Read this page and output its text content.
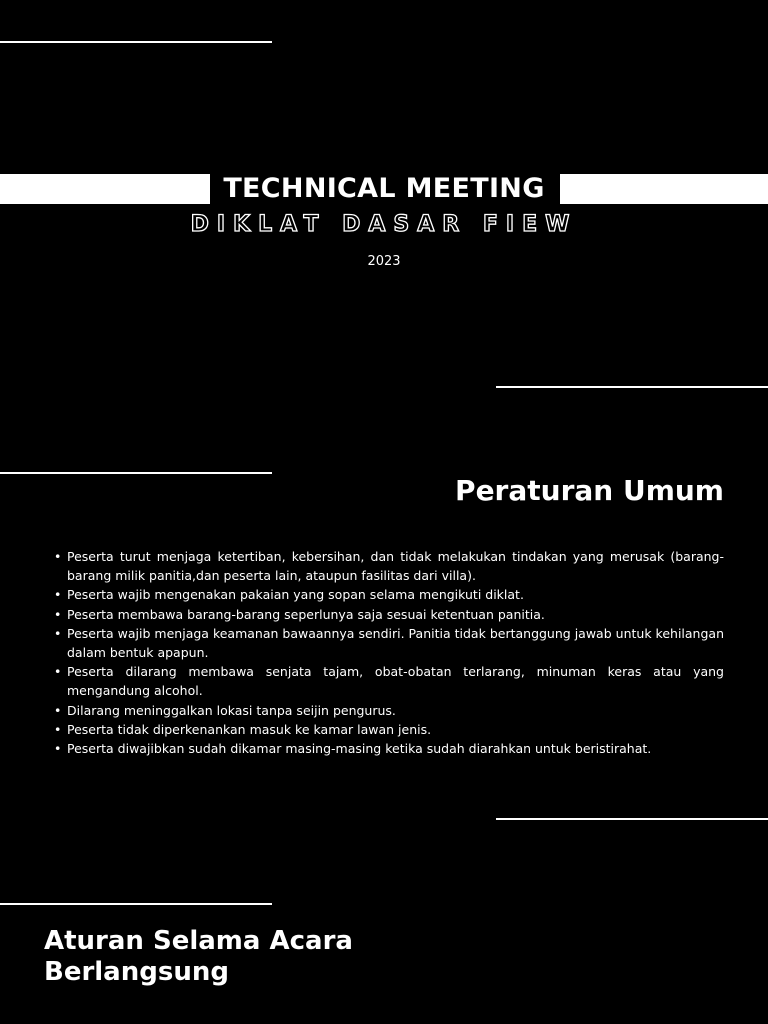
TECHNICAL MEETING
DIKLAT DASAR FIEW
2023
Peraturan Umum
• Peserta turut menjaga ketertiban, kebersihan, dan tidak melakukan tindakan yang merusak (barang-barang milik panitia,dan peserta lain, ataupun fasilitas dari villa).
• Peserta wajib mengenakan pakaian yang sopan selama mengikuti diklat.
• Peserta membawa barang-barang seperlunya saja sesuai ketentuan panitia.
• Peserta wajib menjaga keamanan bawaannya sendiri. Panitia tidak bertanggung jawab untuk kehilangan dalam bentuk apapun.
• Peserta dilarang membawa senjata tajam, obat-obatan terlarang, minuman keras atau yang mengandung alcohol.
• Dilarang meninggalkan lokasi tanpa seijin pengurus.
• Peserta tidak diperkenankan masuk ke kamar lawan jenis.
• Peserta diwajibkan sudah dikamar masing-masing ketika sudah diarahkan untuk beristirahat.
Aturan Selama Acara
Berlangsung
